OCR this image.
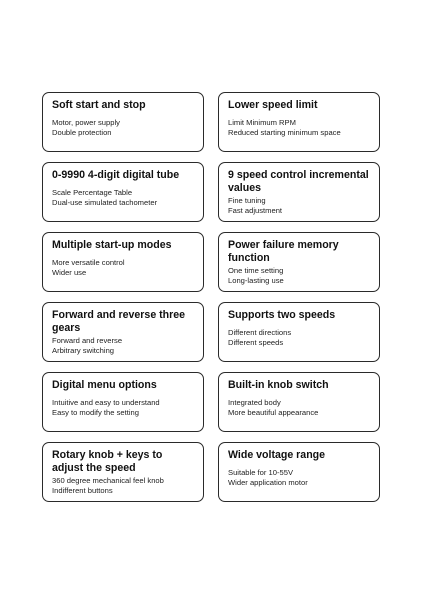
Soft start and stop
Motor, power supply
Double protection
Lower speed limit
Limit Minimum RPM
Reduced starting minimum space
0-9990 4-digit digital tube
Scale Percentage Table
Dual-use simulated tachometer
9 speed control incremental values
Fine tuning
Fast adjustment
Multiple start-up modes
More versatile control
Wider use
Power failure memory function
One time setting
Long-lasting use
Forward and reverse three gears
Forward and reverse
Arbitrary switching
Supports two speeds
Different directions
Different speeds
Digital menu options
Intuitive and easy to understand
Easy to modify the setting
Built-in knob switch
Integrated body
More beautiful appearance
Rotary knob + keys to adjust the speed
360 degree mechanical feel knob
Indifferent buttons
Wide voltage range
Suitable for 10-55V
Wider application motor
